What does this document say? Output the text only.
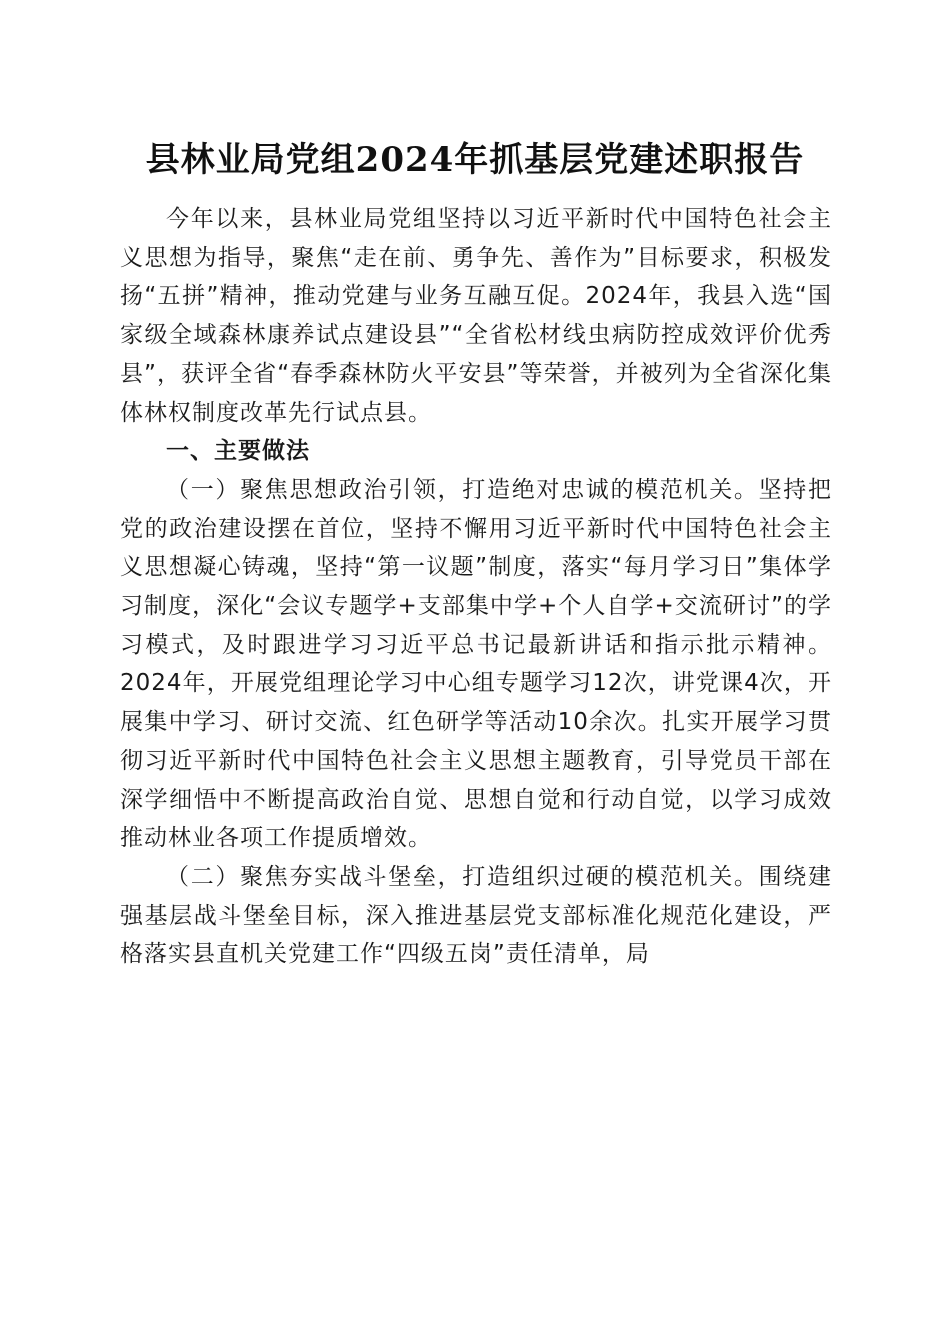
县林业局党组2024年抓基层党建述职报告

今年以来，县林业局党组坚持以习近平新时代中国特色社会主义思想为指导，聚焦“走在前、勇争先、善作为”目标要求，积极发扬“五拼”精神，推动党建与业务互融互促。2024年，我县入选“国家级全域森林康养试点建设县”“全省松材线虫病防控成效评价优秀县”，获评全省“春季森林防火平安县”等荣誉，并被列为全省深化集体林权制度改革先行试点县。

一、主要做法

（一）聚焦思想政治引领，打造绝对忠诚的模范机关。坚持把党的政治建设摆在首位，坚持不懈用习近平新时代中国特色社会主义思想凝心铸魂，坚持“第一议题”制度，落实“每月学习日”集体学习制度，深化“会议专题学+支部集中学+个人自学+交流研讨”的学习模式，及时跟进学习习近平总书记最新讲话和指示批示精神。2024年，开展党组理论学习中心组专题学习12次，讲党课4次，开展集中学习、研讨交流、红色研学等活动10余次。扎实开展学习贯彻习近平新时代中国特色社会主义思想主题教育，引导党员干部在深学细悟中不断提高政治自觉、思想自觉和行动自觉，以学习成效推动林业各项工作提质增效。

（二）聚焦夯实战斗堡垒，打造组织过硬的模范机关。围绕建强基层战斗堡垒目标，深入推进基层党支部标准化规范化建设，严格落实县直机关党建工作“四级五岗”责任清单，局
